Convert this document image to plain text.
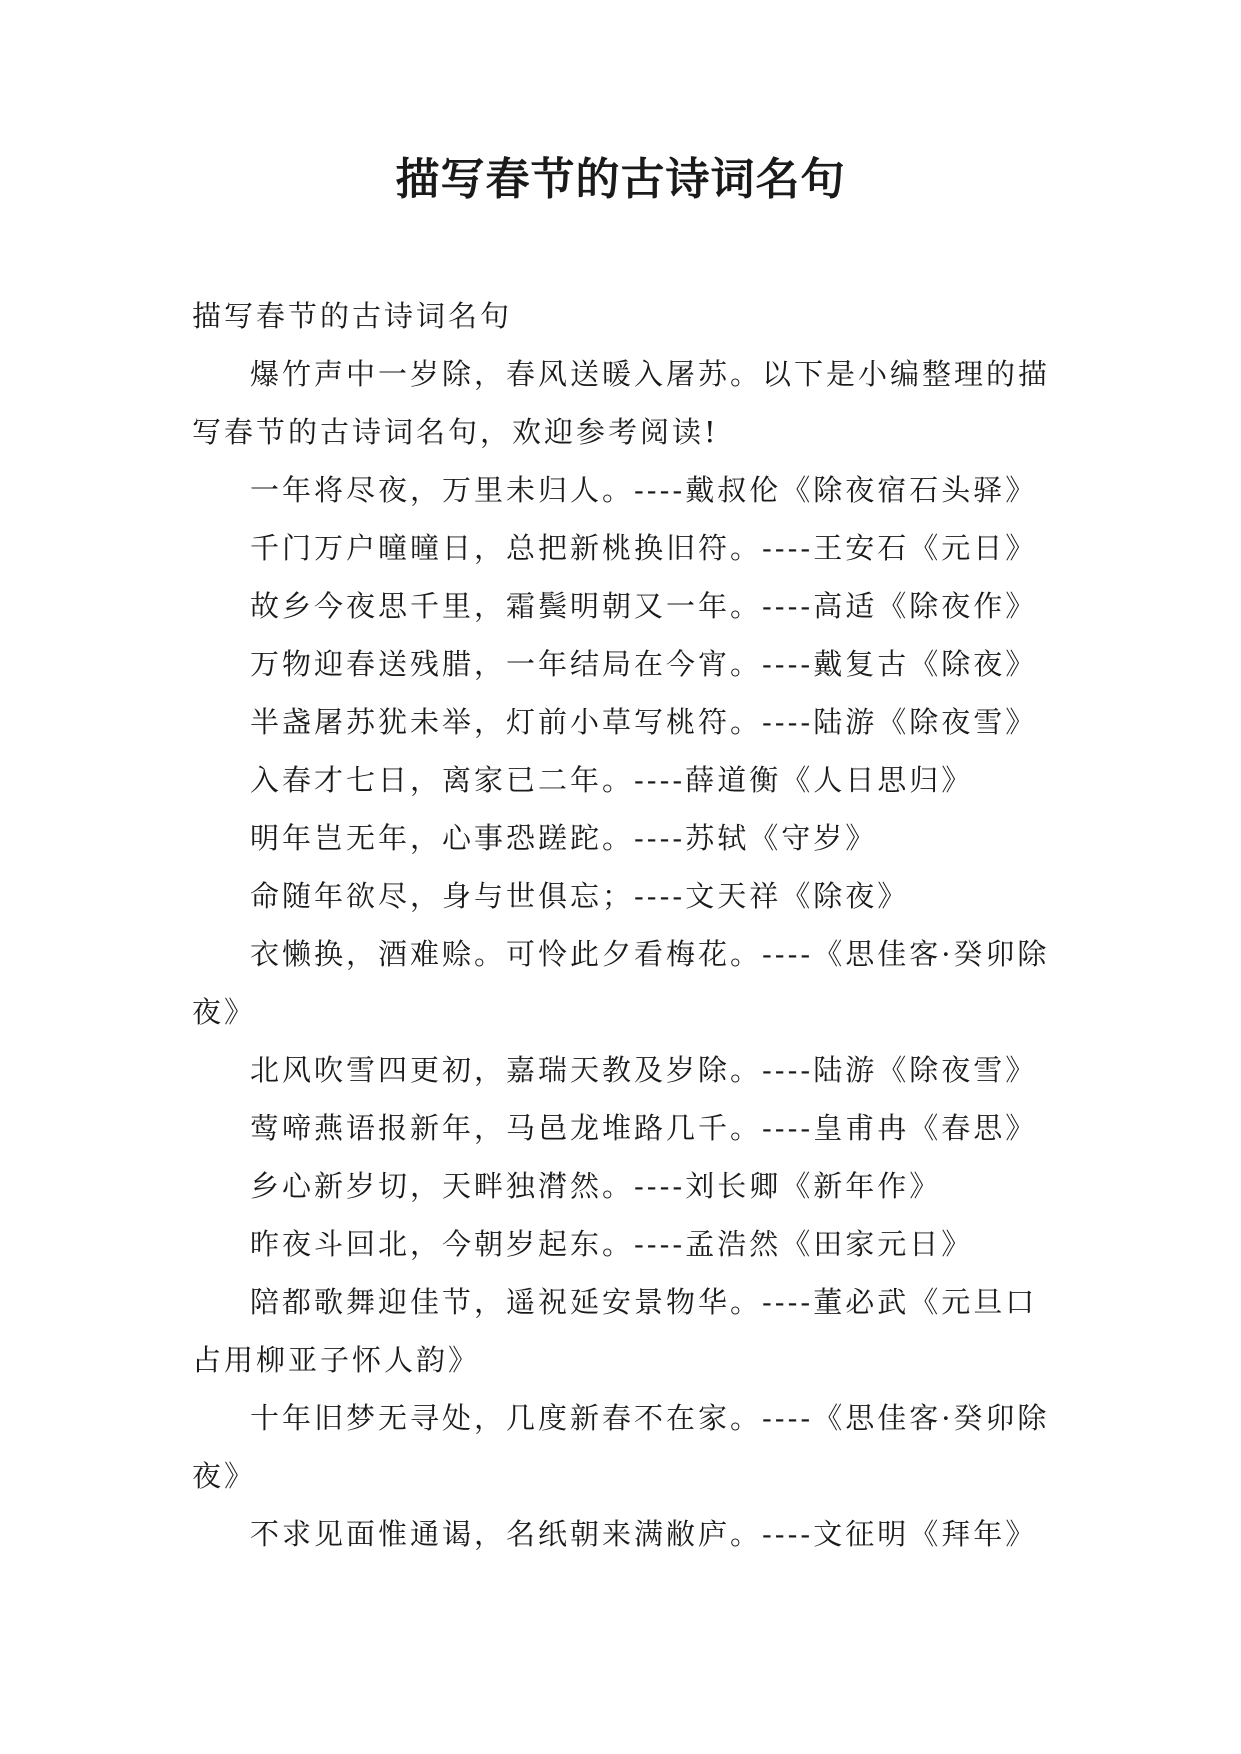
描写春节的古诗词名句

描写春节的古诗词名句

爆竹声中一岁除，春风送暖入屠苏。以下是小编整理的描写春节的古诗词名句，欢迎参考阅读!

一年将尽夜，万里未归人。----戴叔伦《除夜宿石头驿》

千门万户曈曈日，总把新桃换旧符。----王安石《元日》

故乡今夜思千里，霜鬓明朝又一年。----高适《除夜作》

万物迎春送残腊，一年结局在今宵。----戴复古《除夜》

半盏屠苏犹未举，灯前小草写桃符。----陆游《除夜雪》

入春才七日，离家已二年。----薛道衡《人日思归》

明年岂无年，心事恐蹉跎。----苏轼《守岁》

命随年欲尽，身与世俱忘；----文天祥《除夜》

衣懒换，酒难赊。可怜此夕看梅花。----《思佳客·癸卯除夜》

北风吹雪四更初，嘉瑞天教及岁除。----陆游《除夜雪》

莺啼燕语报新年，马邑龙堆路几千。----皇甫冉《春思》

乡心新岁切，天畔独潸然。----刘长卿《新年作》

昨夜斗回北，今朝岁起东。----孟浩然《田家元日》

陪都歌舞迎佳节，遥祝延安景物华。----董必武《元旦口占用柳亚子怀人韵》

十年旧梦无寻处，几度新春不在家。----《思佳客·癸卯除夜》

不求见面惟通谒，名纸朝来满敝庐。----文征明《拜年》
